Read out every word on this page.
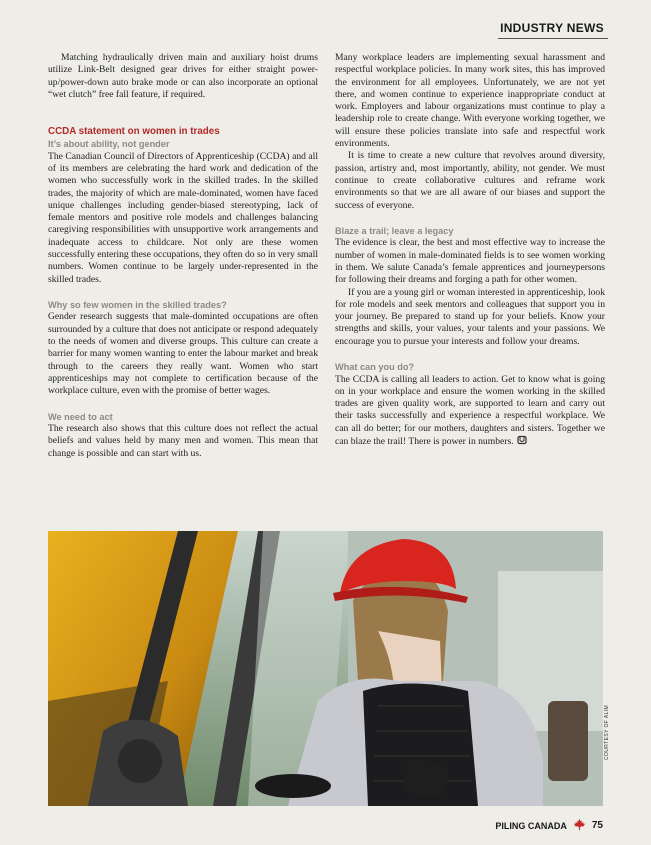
INDUSTRY NEWS

Matching hydraulically driven main and auxiliary hoist drums utilize Link-Belt designed gear drives for either straight power-up/power-down auto brake mode or can also incorporate an optional “wet clutch” free fall feature, if required.

CCDA statement on women in trades
It’s about ability, not gender

The Canadian Council of Directors of Apprenticeship (CCDA) and all of its members are celebrating the hard work and dedication of the women who successfully work in the skilled trades. In the skilled trades, the majority of which are male-dominated, women have faced unique challenges including gender-biased stereotyping, lack of female mentors and positive role models and challenges balancing caregiving responsibilities with unsupportive work arrangements and inadequate access to childcare. Not only are these women successfully entering these occupations, they often do so in very small numbers. Women continue to be largely under-represented in the skilled trades.

Why so few women in the skilled trades?

Gender research suggests that male-dominted occupations are often surrounded by a culture that does not anticipate or respond adequately to the needs of women and diverse groups. This culture can create a barrier for many women wanting to enter the labour market and break through to the careers they really want. Women who start apprenticeships may not complete to certification because of the workplace culture, even with the promise of better wages.

We need to act

The research also shows that this culture does not reflect the actual beliefs and values held by many men and women. This mean that change is possible and can start with us.

Many workplace leaders are implementing sexual harassment and respectful workplace policies. In many work sites, this has improved the environment for all employees. Unfortunately, we are not yet there, and women continue to experience inappropriate conduct at work. Employers and labour organizations must continue to play a leadership role to create change. With everyone working together, we will ensure these policies translate into safe and respectful work environments.

It is time to create a new culture that revolves around diversity, passion, artistry and, most importantly, ability, not gender. We must continue to create collaborative cultures and reframe work environments so that we are all aware of our biases and support the success of everyone.

Blaze a trail; leave a legacy

The evidence is clear, the best and most effective way to increase the number of women in male-dominated fields is to see women working in them. We salute Canada’s female apprentices and journeypersons for following their dreams and forging a path for other women.

If you are a young girl or woman interested in apprenticeship, look for role models and seek mentors and colleagues that support you in your journey. Be prepared to stand up for your beliefs. Know your strengths and skills, your values, your talents and your passions. We encourage you to pursue your interests and follow your dreams.

What can you do?

The CCDA is calling all leaders to action. Get to know what is going on in your workplace and ensure the women working in the skilled trades are given quality work, are supported to learn and carry out their tasks successfully and experience a respectful workplace. We can all do better; for our mothers, daughters and sisters. Together we can blaze the trail! There is power in numbers.

COURTESY OF ALIM
PILING CANADA	75
